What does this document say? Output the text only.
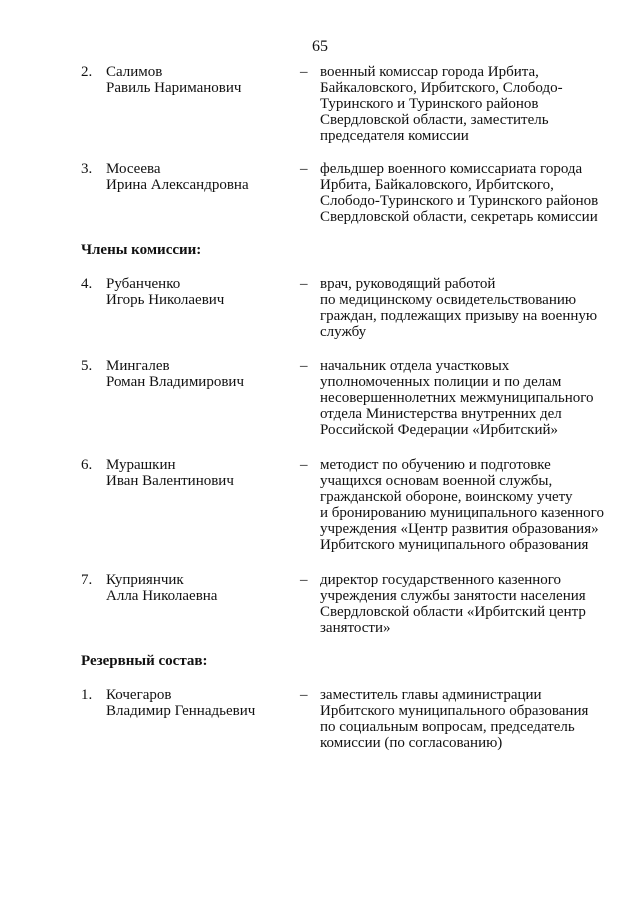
65
2. Салимов
Равиль Нариманович
– военный комиссар города Ирбита,
Байкаловского, Ирбитского, Слободо-
Туринского и Туринского районов
Свердловской области, заместитель
председателя комиссии
3. Мосеева
Ирина Александровна
– фельдшер военного комиссариата города
Ирбита, Байкаловского, Ирбитского,
Слободо-Туринского и Туринского районов
Свердловской области, секретарь комиссии
Члены комиссии:
4. Рубанченко
Игорь Николаевич
– врач, руководящий работой
по медицинскому освидетельствованию
граждан, подлежащих призыву на военную
службу
5. Мингалев
Роман Владимирович
– начальник отдела участковых
уполномоченных полиции и по делам
несовершеннолетних межмуниципального
отдела Министерства внутренних дел
Российской Федерации «Ирбитский»
6. Мурашкин
Иван Валентинович
– методист по обучению и подготовке
учащихся основам военной службы,
гражданской обороне, воинскому учету
и бронированию муниципального казенного
учреждения «Центр развития образования»
Ирбитского муниципального образования
7. Куприянчик
Алла Николаевна
– директор государственного казенного
учреждения службы занятости населения
Свердловской области «Ирбитский центр
занятости»
Резервный состав:
1. Кочегаров
Владимир Геннадьевич
– заместитель главы администрации
Ирбитского муниципального образования
по социальным вопросам, председатель
комиссии (по согласованию)
